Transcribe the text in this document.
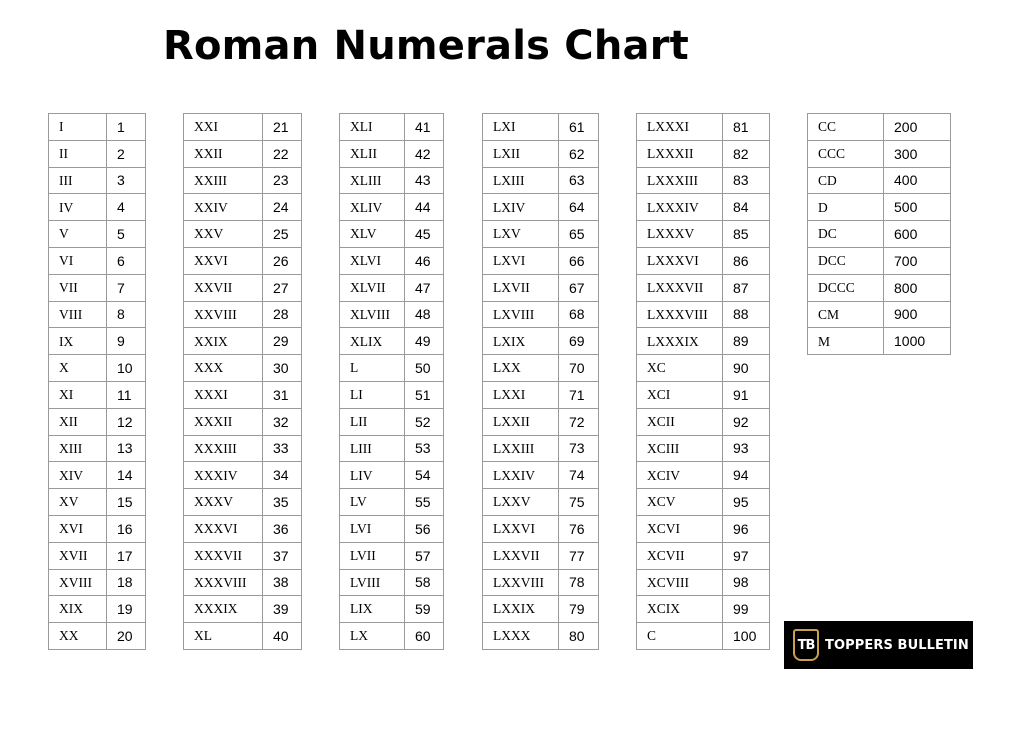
Roman Numerals Chart
I	1
II	2
III	3
IV	4
V	5
VI	6
VII	7
VIII	8
IX	9
X	10
XI	11
XII	12
XIII	13
XIV	14
XV	15
XVI	16
XVII	17
XVIII	18
XIX	19
XX	20
XXI	21
XXII	22
XXIII	23
XXIV	24
XXV	25
XXVI	26
XXVII	27
XXVIII	28
XXIX	29
XXX	30
XXXI	31
XXXII	32
XXXIII	33
XXXIV	34
XXXV	35
XXXVI	36
XXXVII	37
XXXVIII	38
XXXIX	39
XL	40
XLI	41
XLII	42
XLIII	43
XLIV	44
XLV	45
XLVI	46
XLVII	47
XLVIII	48
XLIX	49
L	50
LI	51
LII	52
LIII	53
LIV	54
LV	55
LVI	56
LVII	57
LVIII	58
LIX	59
LX	60
LXI	61
LXII	62
LXIII	63
LXIV	64
LXV	65
LXVI	66
LXVII	67
LXVIII	68
LXIX	69
LXX	70
LXXI	71
LXXII	72
LXXIII	73
LXXIV	74
LXXV	75
LXXVI	76
LXXVII	77
LXXVIII	78
LXXIX	79
LXXX	80
LXXXI	81
LXXXII	82
LXXXIII	83
LXXXIV	84
LXXXV	85
LXXXVI	86
LXXXVII	87
LXXXVIII	88
LXXXIX	89
XC	90
XCI	91
XCII	92
XCIII	93
XCIV	94
XCV	95
XCVI	96
XCVII	97
XCVIII	98
XCIX	99
C	100
CC	200
CCC	300
CD	400
D	500
DC	600
DCC	700
DCCC	800
CM	900
M	1000
TB TOPPERS BULLETIN
